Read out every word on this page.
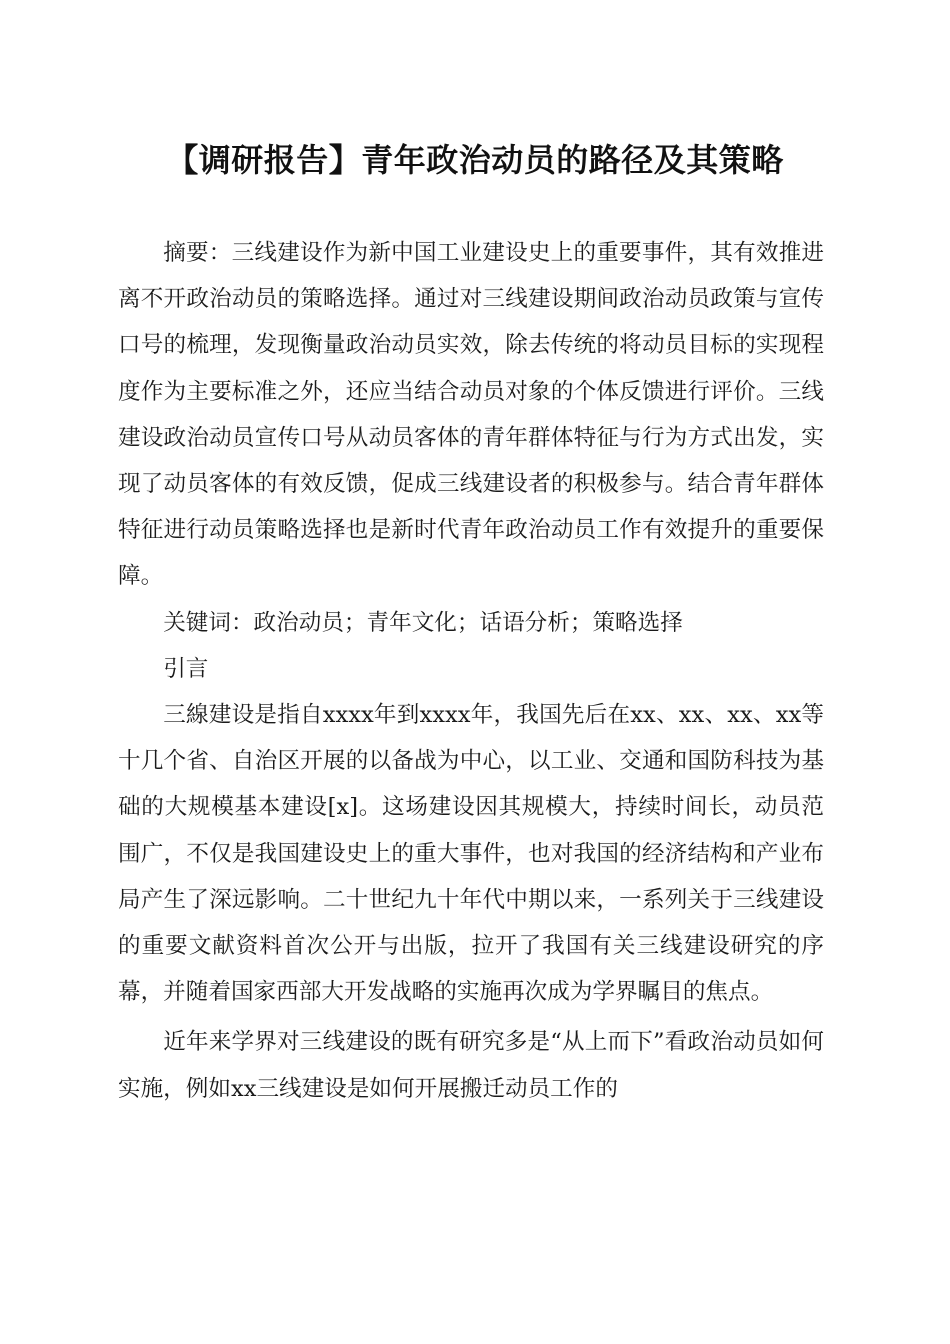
【调研报告】青年政治动员的路径及其策略

摘要：三线建设作为新中国工业建设史上的重要事件，其有效推进离不开政治动员的策略选择。通过对三线建设期间政治动员政策与宣传口号的梳理，发现衡量政治动员实效，除去传统的将动员目标的实现程度作为主要标准之外，还应当结合动员对象的个体反馈进行评价。三线建设政治动员宣传口号从动员客体的青年群体特征与行为方式出发，实现了动员客体的有效反馈，促成三线建设者的积极参与。结合青年群体特征进行动员策略选择也是新时代青年政治动员工作有效提升的重要保障。

关键词：政治动员；青年文化；话语分析；策略选择

引言

三線建设是指自xxxx年到xxxx年，我国先后在xx、xx、xx、xx等十几个省、自治区开展的以备战为中心，以工业、交通和国防科技为基础的大规模基本建设[x]。这场建设因其规模大，持续时间长，动员范围广，不仅是我国建设史上的重大事件，也对我国的经济结构和产业布局产生了深远影响。二十世纪九十年代中期以来，一系列关于三线建设的重要文献资料首次公开与出版，拉开了我国有关三线建设研究的序幕，并随着国家西部大开发战略的实施再次成为学界瞩目的焦点。

近年来学界对三线建设的既有研究多是“从上而下”看政治动员如何实施，例如xx三线建设是如何开展搬迁动员工作的
